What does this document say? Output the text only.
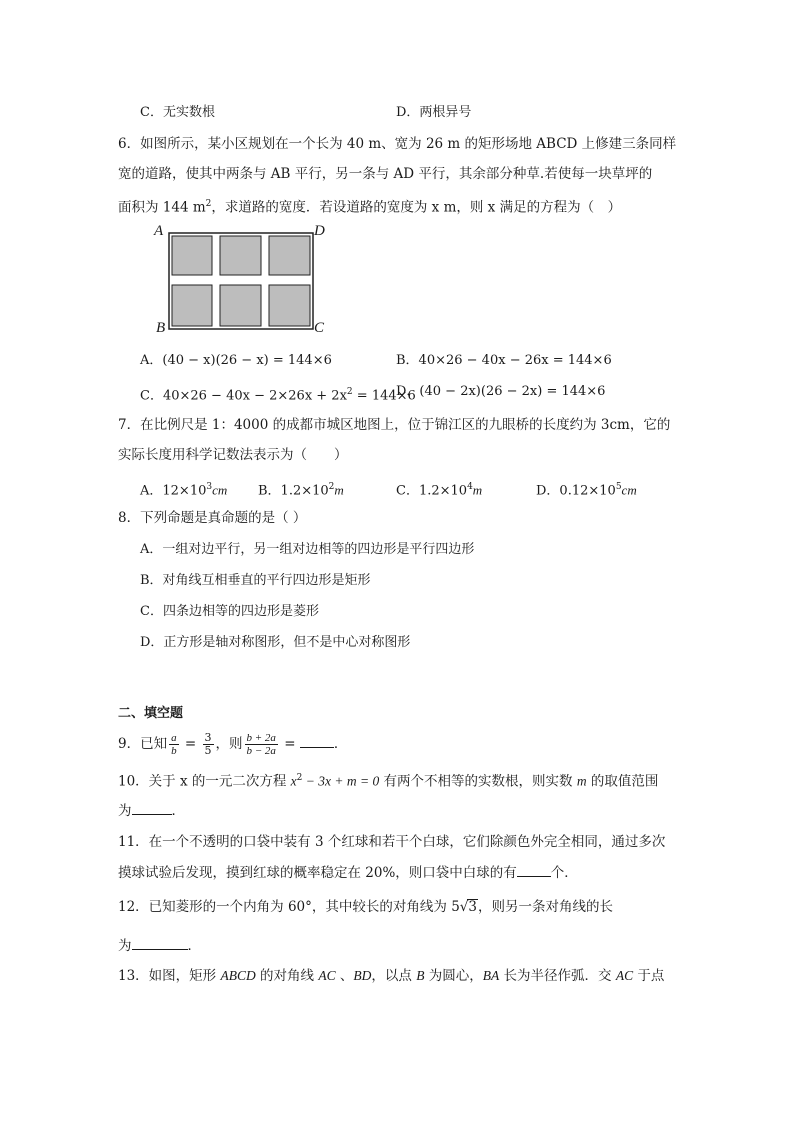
C．无实数根	D．两根异号
6．如图所示，某小区规划在一个长为 40 m、宽为 26 m 的矩形场地 ABCD 上修建三条同样
宽的道路，使其中两条与 AB 平行，另一条与 AD 平行，其余部分种草.若使每一块草坪的
面积为 144 $m^2$，求道路的宽度．若设道路的宽度为 x m，则 x 满足的方程为（　）
A	D
B	C
A．(40 − x)(26 − x) = 144×6	B．40×26 − 40x − 26x = 144×6
C．$40\times 26 - 40x - 2\times 26x + 2x^2 = 144\times 6$
D．(40 − 2x)(26 − 2x) = 144×6
7．在比例尺是 1：4000 的成都市城区地图上，位于锦江区的九眼桥的长度约为 3cm，它的
实际长度用科学记数法表示为（　　）
A．$12\times 10^3cm$ B．$1.2\times 10^2m$	C．$1.2\times 10^4m$	D．$0.12\times 10^5cm$
8．下列命题是真命题的是（ ）
A．一组对边平行，另一组对边相等的四边形是平行四边形
B．对角线互相垂直的平行四边形是矩形
C．四条边相等的四边形是菱形
D．正方形是轴对称图形，但不是中心对称图形
二、填空题
9．已知 $\frac{a}{b} = \frac{3}{5}$ ，则 $\frac{b + 2a}{b - 2a}$ =	．
10．关于 x 的一元二次方程 $x^2 - 3x + m = 0$ 有两个不相等的实数根，则实数 m 的取值范围
为	．
11．在一个不透明的口袋中装有 3 个红球和若干个白球，它们除颜色外完全相同，通过多次
摸球试验后发现，摸到红球的概率稳定在 20%，则口袋中白球的有	个．
12．已知菱形的一个内角为 60°，其中较长的对角线为 5√3，则另一条对角线的长
为	．
13．如图，矩形 ABCD 的对角线 AC 、BD，以点 B 为圆心，BA 长为半径作弧．交 AC 于点
